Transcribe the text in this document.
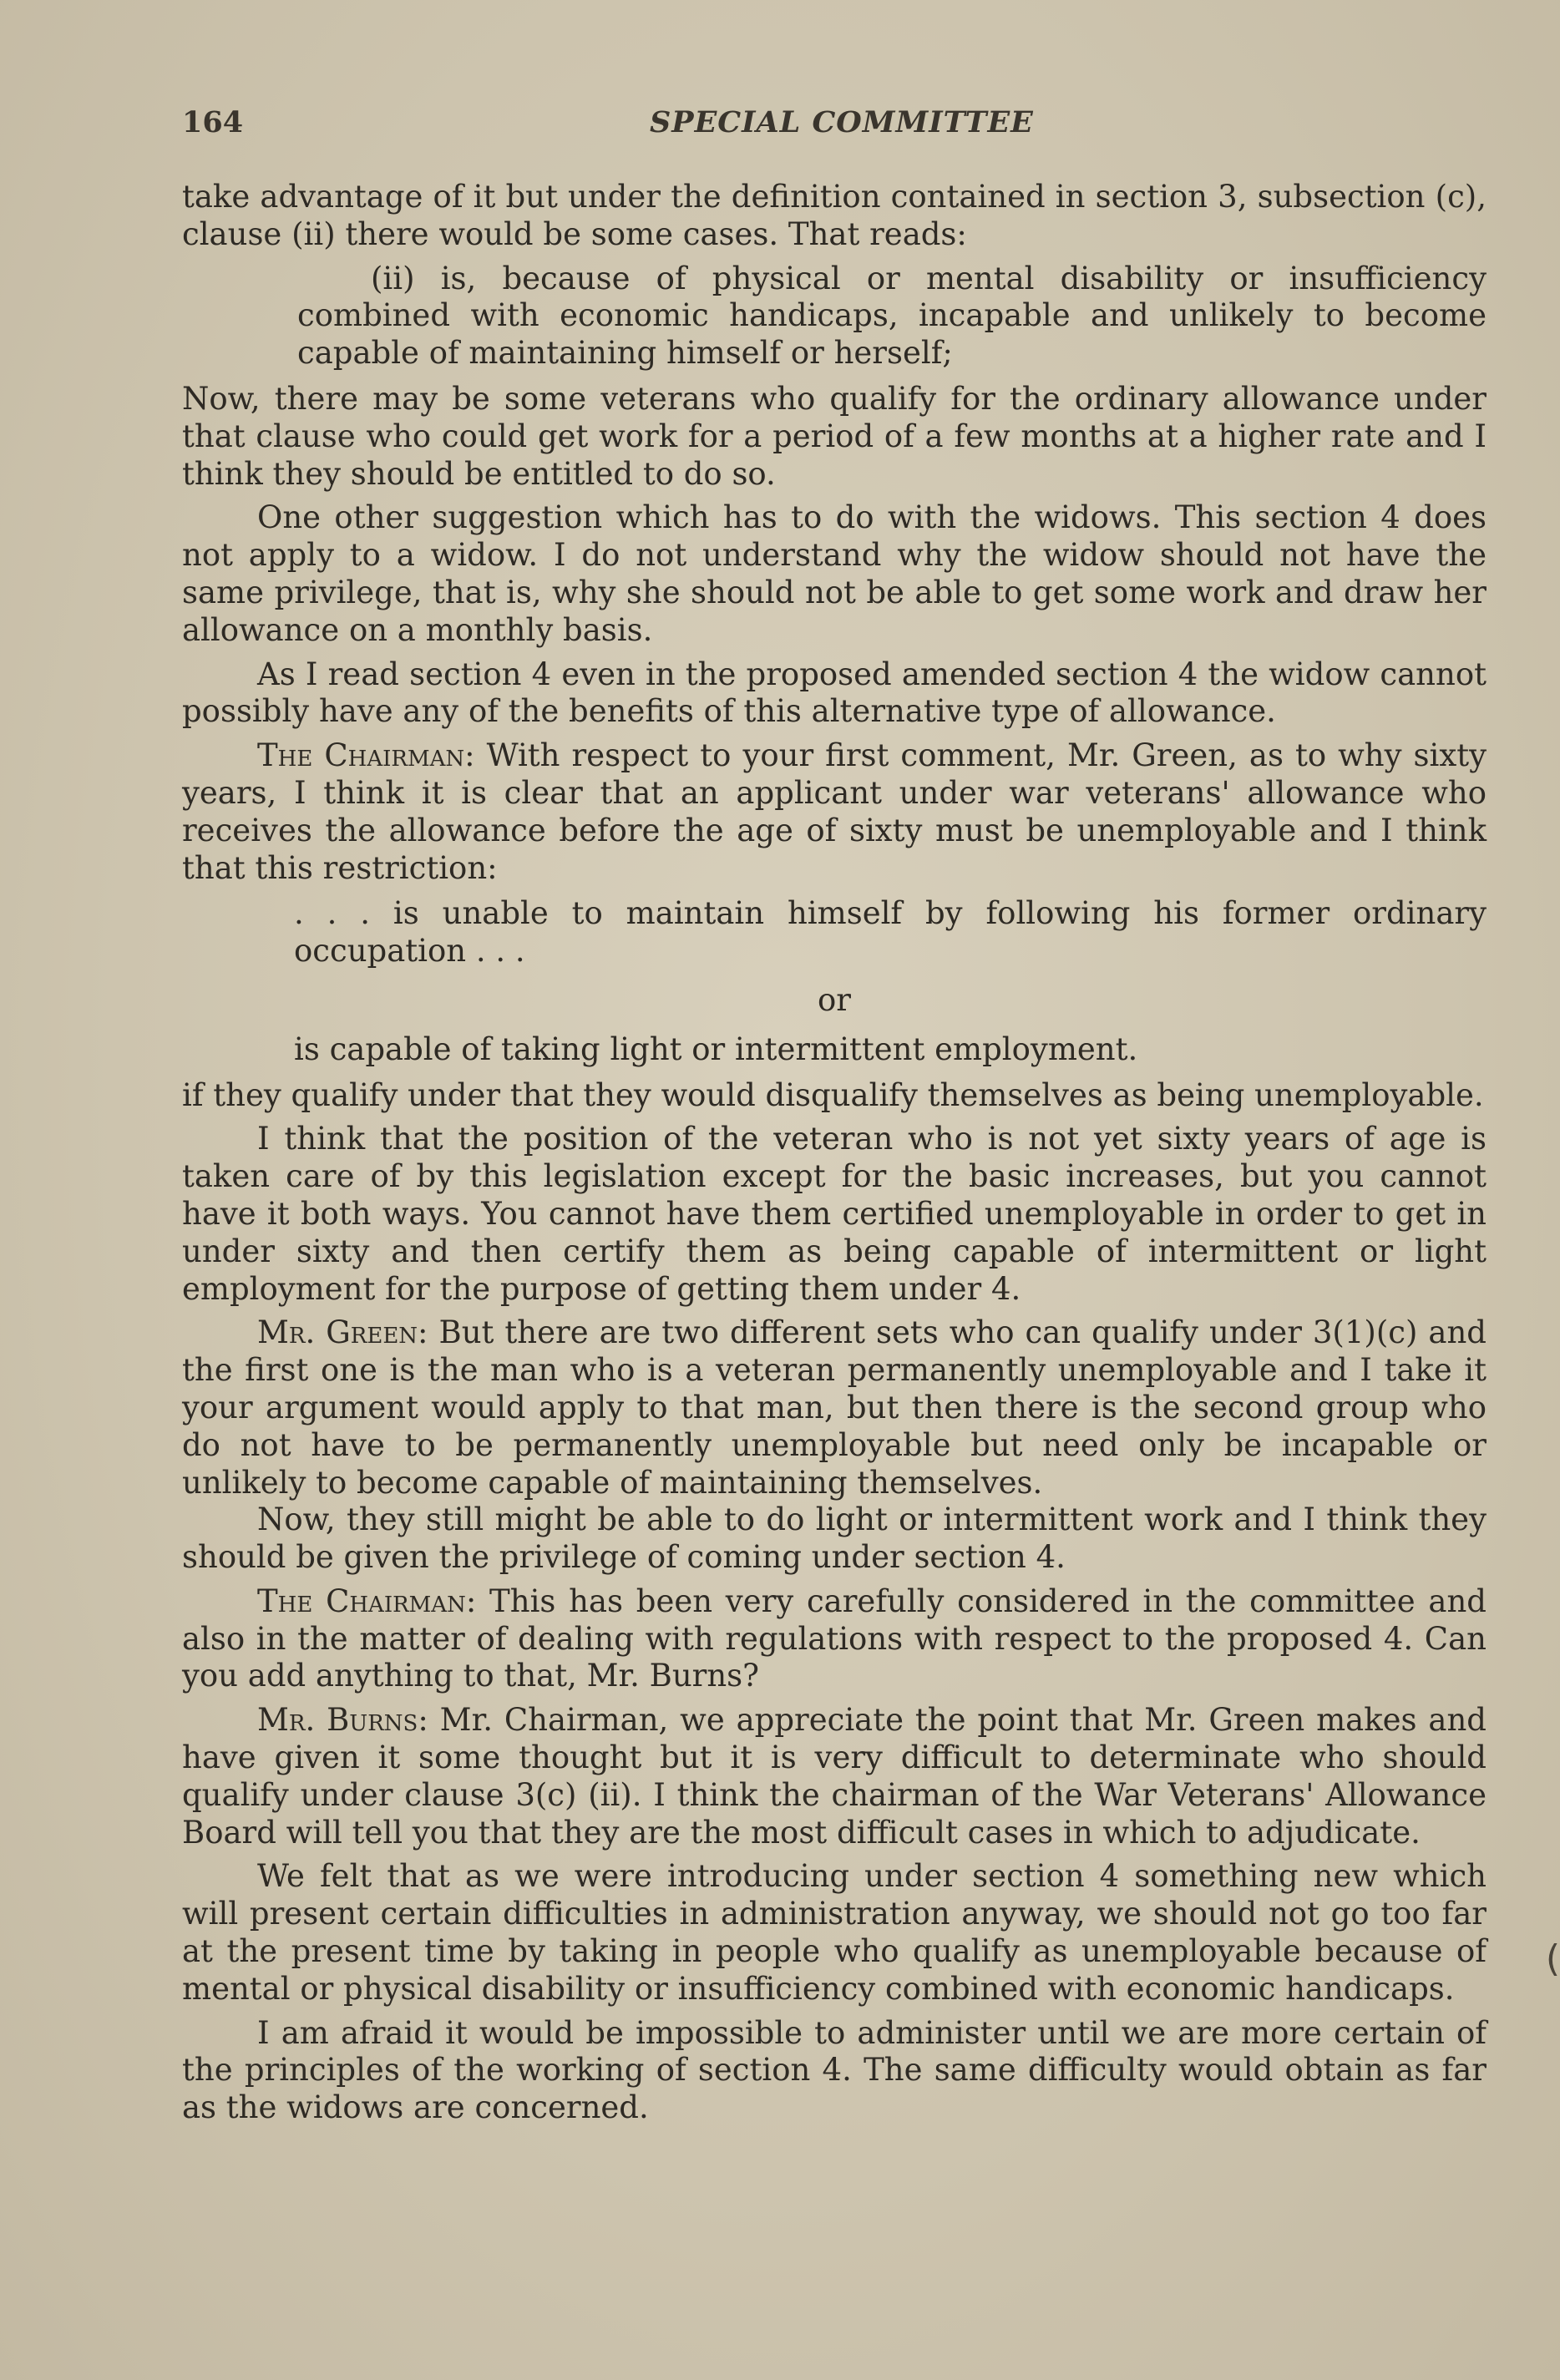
164	SPECIAL COMMITTEE

take advantage of it but under the definition contained in section 3, subsection (c), clause (ii) there would be some cases. That reads:

(ii) is, because of physical or mental disability or insufficiency combined with economic handicaps, incapable and unlikely to become capable of maintaining himself or herself;

Now, there may be some veterans who qualify for the ordinary allowance under that clause who could get work for a period of a few months at a higher rate and I think they should be entitled to do so.

One other suggestion which has to do with the widows. This section 4 does not apply to a widow. I do not understand why the widow should not have the same privilege, that is, why she should not be able to get some work and draw her allowance on a monthly basis.

As I read section 4 even in the proposed amended section 4 the widow cannot possibly have any of the benefits of this alternative type of allowance.

The Chairman: With respect to your first comment, Mr. Green, as to why sixty years, I think it is clear that an applicant under war veterans' allowance who receives the allowance before the age of sixty must be unemployable and I think that this restriction:

. . . is unable to maintain himself by following his former ordinary occupation . . .

or

is capable of taking light or intermittent employment.

if they qualify under that they would disqualify themselves as being unemployable.

I think that the position of the veteran who is not yet sixty years of age is taken care of by this legislation except for the basic increases, but you cannot have it both ways. You cannot have them certified unemployable in order to get in under sixty and then certify them as being capable of intermittent or light employment for the purpose of getting them under 4.

Mr. Green: But there are two different sets who can qualify under 3(1)(c) and the first one is the man who is a veteran permanently unemployable and I take it your argument would apply to that man, but then there is the second group who do not have to be permanently unemployable but need only be incapable or unlikely to become capable of maintaining themselves.

Now, they still might be able to do light or intermittent work and I think they should be given the privilege of coming under section 4.

The Chairman: This has been very carefully considered in the committee and also in the matter of dealing with regulations with respect to the proposed 4. Can you add anything to that, Mr. Burns?

Mr. Burns: Mr. Chairman, we appreciate the point that Mr. Green makes and have given it some thought but it is very difficult to determinate who should qualify under clause 3(c) (ii). I think the chairman of the War Veterans' Allowance Board will tell you that they are the most difficult cases in which to adjudicate.

We felt that as we were introducing under section 4 something new which will present certain difficulties in administration anyway, we should not go too far at the present time by taking in people who qualify as unemployable because of mental or physical disability or insufficiency combined with economic handicaps.

I am afraid it would be impossible to administer until we are more certain of the principles of the working of section 4. The same difficulty would obtain as far as the widows are concerned.

(
